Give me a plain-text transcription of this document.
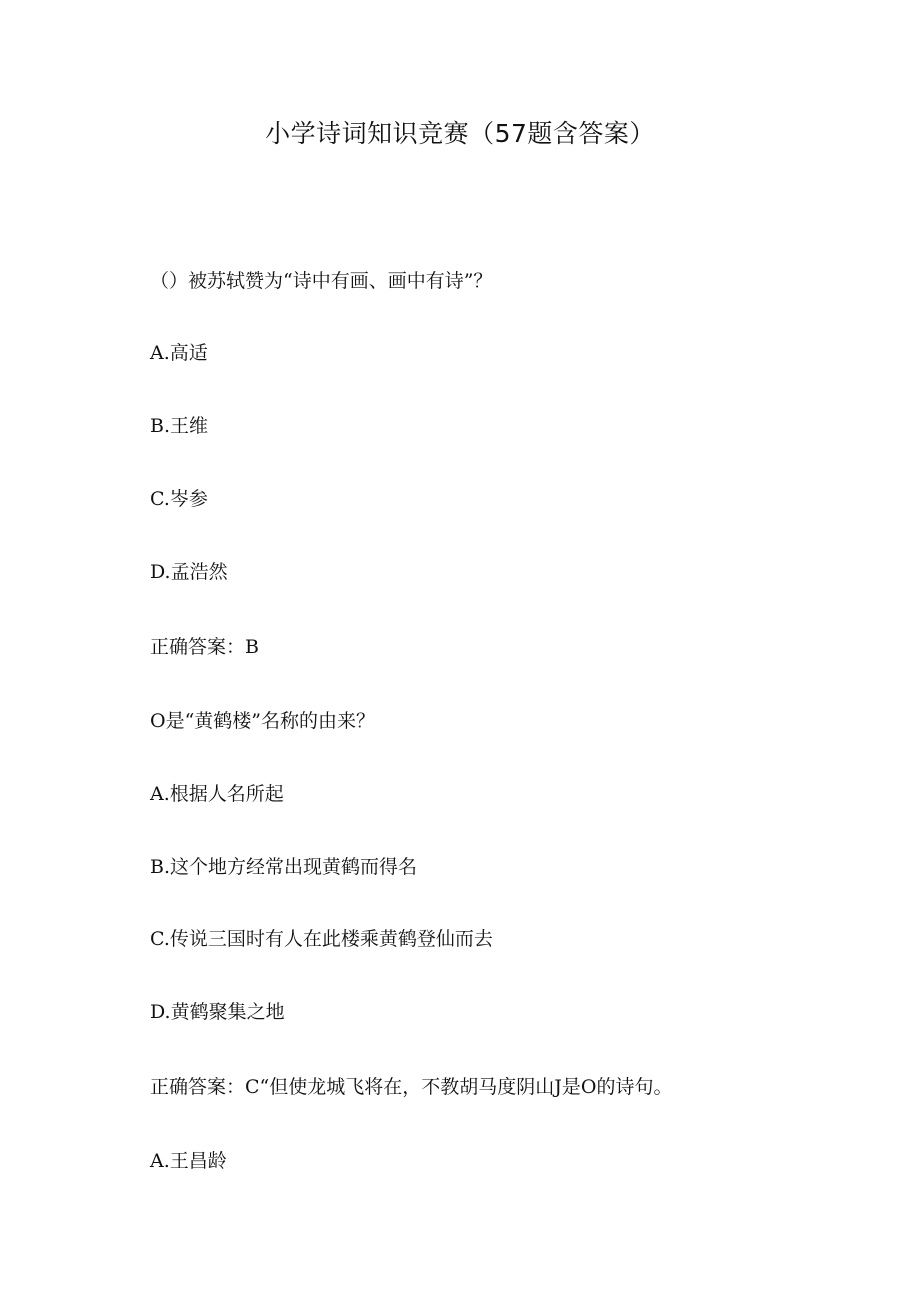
小学诗词知识竞赛（57题含答案）
（）被苏轼赞为“诗中有画、画中有诗”？
A.高适
B.王维
C.岑参
D.孟浩然
正确答案：B
O是“黄鹤楼”名称的由来？
A.根据人名所起
B.这个地方经常出现黄鹤而得名
C.传说三国时有人在此楼乘黄鹤登仙而去
D.黄鹤聚集之地
正确答案：C“但使龙城飞将在，不教胡马度阴山J是O的诗句。
A.王昌龄
